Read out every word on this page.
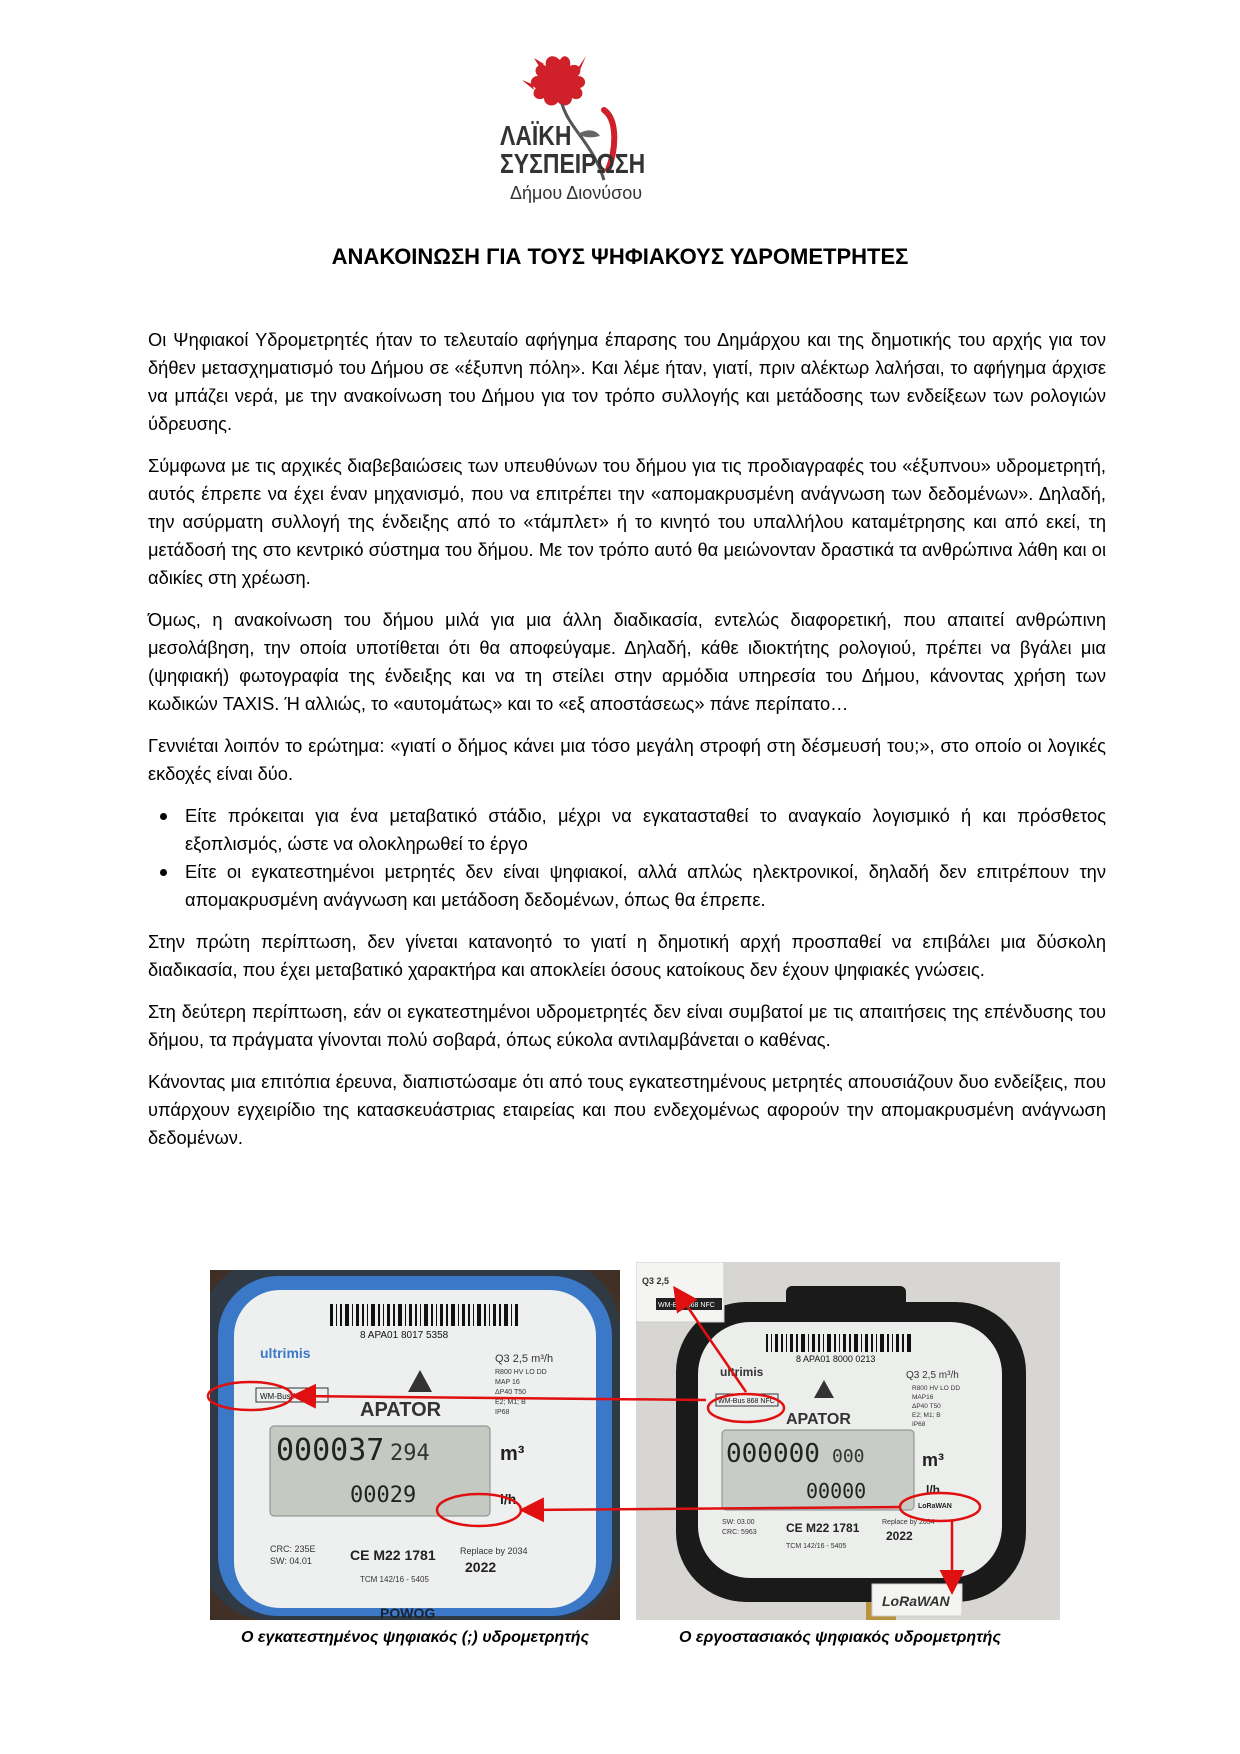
ΛΑΪΚΗ
ΣΥΣΠΕΙΡΩΣΗ
Δήμου Διονύσου
ΑΝΑΚΟΙΝΩΣΗ ΓΙΑ ΤΟΥΣ ΨΗΦΙΑΚΟΥΣ ΥΔΡΟΜΕΤΡΗΤΕΣ

Οι Ψηφιακοί Υδρομετρητές ήταν το τελευταίο αφήγημα έπαρσης του Δημάρχου και της δημοτικής του αρχής για τον δήθεν μετασχηματισμό του Δήμου σε «έξυπνη πόλη». Και λέμε ήταν, γιατί, πριν αλέκτωρ λαλήσαι, το αφήγημα άρχισε να μπάζει νερά, με την ανακοίνωση του Δήμου για τον τρόπο συλλογής και μετάδοσης των ενδείξεων των ρολογιών ύδρευσης.

Σύμφωνα με τις αρχικές διαβεβαιώσεις των υπευθύνων του δήμου για τις προδιαγραφές του «έξυπνου» υδρομετρητή, αυτός έπρεπε να έχει έναν μηχανισμό, που να επιτρέπει την «απομακρυσμένη ανάγνωση των δεδομένων». Δηλαδή, την ασύρματη συλλογή της ένδειξης από το «τάμπλετ» ή το κινητό του υπαλλήλου καταμέτρησης και από εκεί, τη μετάδοσή της στο κεντρικό σύστημα του δήμου. Με τον τρόπο αυτό θα μειώνονταν δραστικά τα ανθρώπινα λάθη και οι αδικίες στη χρέωση.

Όμως, η ανακοίνωση του δήμου μιλά για μια άλλη διαδικασία, εντελώς διαφορετική, που απαιτεί ανθρώπινη μεσολάβηση, την οποία υποτίθεται ότι θα αποφεύγαμε. Δηλαδή, κάθε ιδιοκτήτης ρολογιού, πρέπει να βγάλει μια (ψηφιακή) φωτογραφία της ένδειξης και να τη στείλει στην αρμόδια υπηρεσία του Δήμου, κάνοντας χρήση των κωδικών TAXIS. Ή αλλιώς, το «αυτομάτως» και το «εξ αποστάσεως» πάνε περίπατο…

Γεννιέται λοιπόν το ερώτημα: «γιατί ο δήμος κάνει μια τόσο μεγάλη στροφή στη δέσμευσή του;», στο οποίο οι λογικές εκδοχές είναι δύο.

Είτε πρόκειται για ένα μεταβατικό στάδιο, μέχρι να εγκατασταθεί το αναγκαίο λογισμικό ή και πρόσθετος εξοπλισμός, ώστε να ολοκληρωθεί το έργο
Είτε οι εγκατεστημένοι μετρητές δεν είναι ψηφιακοί, αλλά απλώς ηλεκτρονικοί, δηλαδή δεν επιτρέπουν την απομακρυσμένη ανάγνωση και μετάδοση δεδομένων, όπως θα έπρεπε.

Στην πρώτη περίπτωση, δεν γίνεται κατανοητό το γιατί η δημοτική αρχή προσπαθεί να επιβάλει μια δύσκολη διαδικασία, που έχει μεταβατικό χαρακτήρα και αποκλείει όσους κατοίκους δεν έχουν ψηφιακές γνώσεις.

Στη δεύτερη περίπτωση, εάν οι εγκατεστημένοι υδρομετρητές δεν είναι συμβατοί με τις απαιτήσεις της επένδυσης του δήμου, τα πράγματα γίνονται πολύ σοβαρά, όπως εύκολα αντιλαμβάνεται ο καθένας.

Κάνοντας μια επιτόπια έρευνα, διαπιστώσαμε ότι από τους εγκατεστημένους μετρητές απουσιάζουν δυο ενδείξεις, που υπάρχουν εγχειρίδιο της κατασκευάστριας εταιρείας και που ενδεχομένως αφορούν την απομακρυσμένη ανάγνωση δεδομένων.

8 APA01 8017 5358
ultrimis	Q3 2,5 m³/h
WM-Bus NFC
R800 HV LO DD
MAP 16
ΔP40 T50
E2; M1; B
IP68
APATOR
000037 294	m³
00029	l/h
CRC: 235E
SW: 04.01	CE M22 1781	Replace by 2034
2022
TCM 142/16 - 5405
POWOG
8 APA01 8000 0213
ultrimis	Q3 2,5 m³/h
WM-Bus 868 NFC
R800 HV LO DD
MAP16
ΔP40 T50
E2; M1; B
IP68
APATOR
000000 000	m³
00000	l/h
LoRaWAN
SW: 03.00
CRC: 5963 CE M22 1781	Replace by 2034
2022
TCM 142/16 - 5405
Q3 2,5
WM-Bus 868 NFC
LoRaWAN
Ο εγκατεστημένος ψηφιακός (;) υδρομετρητής	Ο εργοστασιακός ψηφιακός υδρομετρητής
